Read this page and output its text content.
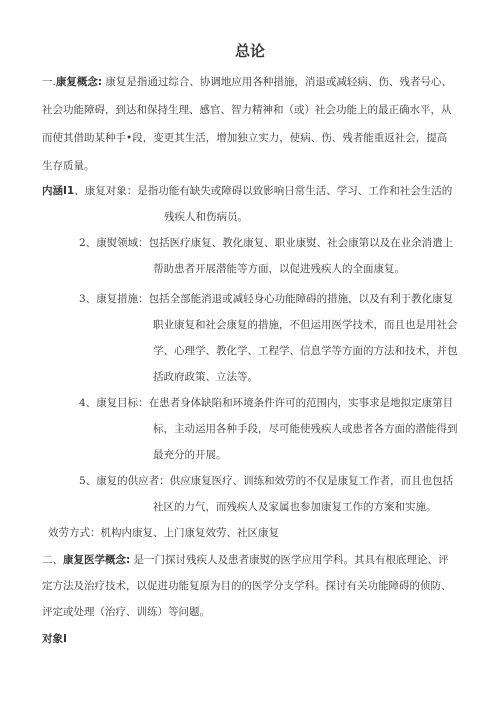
总论
一.康复概念: 康复是指通过综合、协调地应用各种措施，消退或减轻病、伤、残者号心、
社会功能障碍，到达和保持生理、感官、智力精神和（或）社会功能上的最正确水平，从
而使其借助某种手•段，变更其生活，增加独立实力，使病、伤、残者能重返社会，提高
生存质量。
内涵I1、康复对象：是指功能有缺失或障碍以致影响日常生活、学习、工作和社会生活的
残疾人和伤病员。
2、康熨领域：包括医疗康复、教化康复、职业康熨、社会康第以及在业余消遣上
帮助患者开展潜能等方面，以促进残疾人的全面康复。
3、康复措施：包括全部能消退或减轻身心功能障碍的措施，以及有利于教化康复
职业康复和社会康复的措施，不但运用医学技术，而且也是用社会
学、心理学、教化学、工程学、信息学等方面的方法和技术，并包
括政府政策、立法等。
4、康复目标：在患者身体缺陷和环境条件许可的范围内，实事求是地拟定康第目
标，主动运用各种手段，尽可能使残疾人或患者各方面的潜能得到
最充分的开展。
5、康复的供应者：供应康复医疗、训练和效劳的不仅是康复工作者，而且也包括
社区的力气，而残疾人及家属也参加康复工作的方案和实施。
效劳方式：机构内康复、上门康复效劳、社区康复
二、康复医学概念: 是一门探讨残疾人及患者康熨的医学应用学科。其具有根底理论、评
定方法及治疗技术，以促进功能复原为目的的医学分支学科。探讨有关功能障碍的侦防、
评定或处理（治疗、训练）等问题。
对象I
